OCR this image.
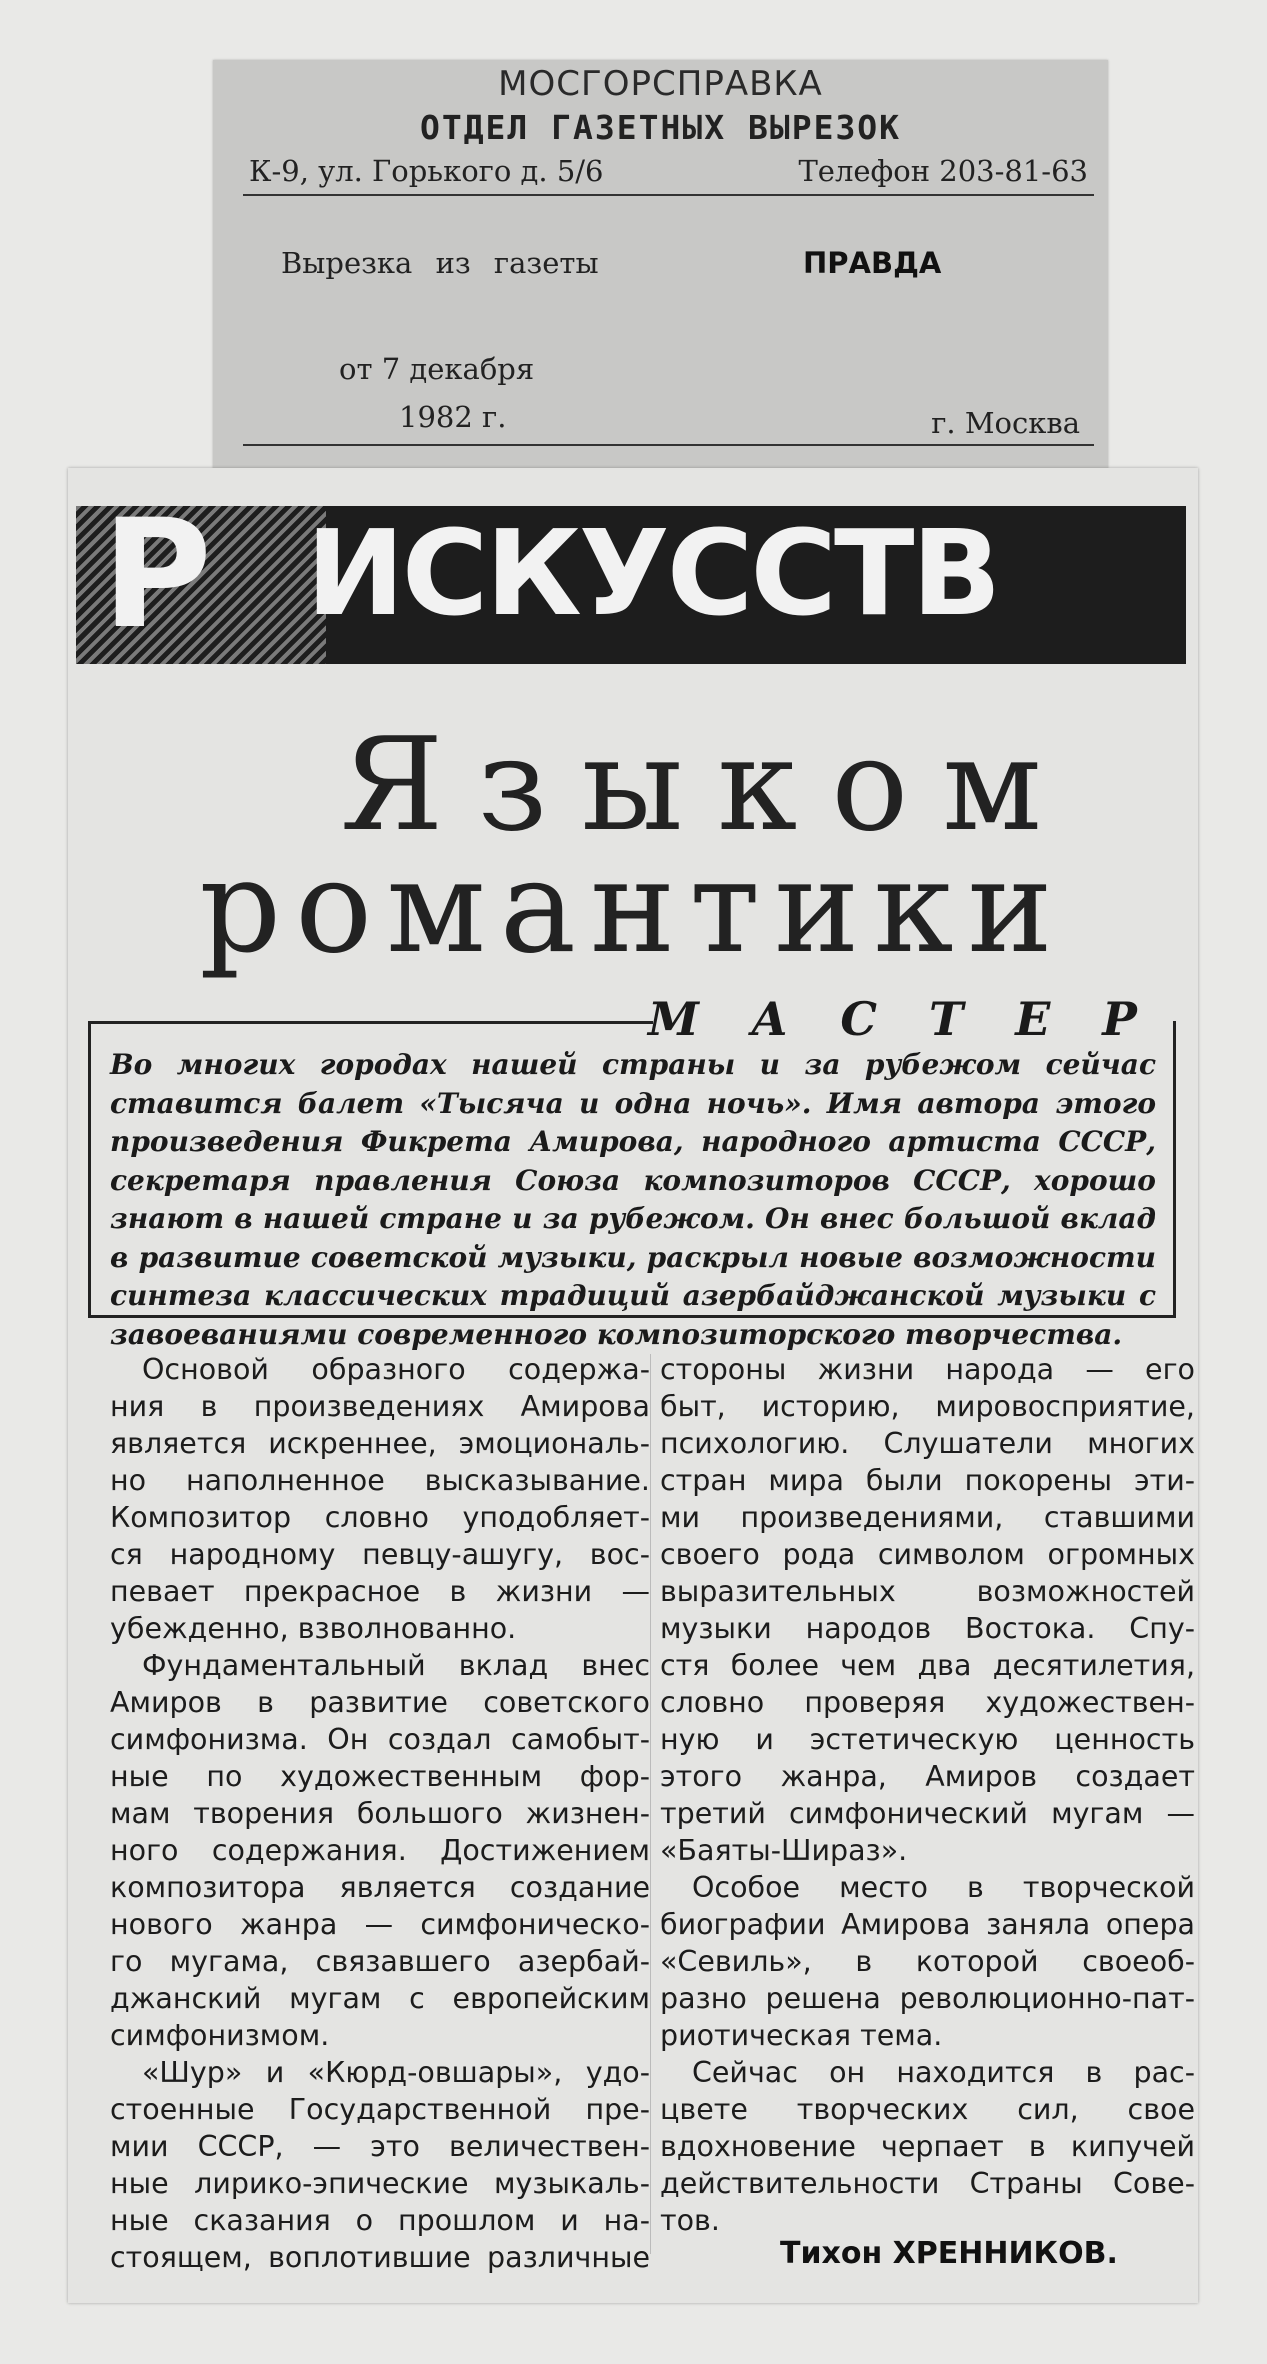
МОСГОРСПРАВКА
ОТДЕЛ ГАЗЕТНЫХ ВЫРЕЗОК
К-9, ул. Горького д. 5/6	Телефон 203-81-63
Вырезка из газеты	ПРАВДА
от 7 декабря
1982 г.	г. Москва
Р ИСКУССТВ
Языком
романтики
МАСТЕР
Во многих городах нашей страны и за рубежом сейчас
ставится балет «Тысяча и одна ночь». Имя автора этого
произведения Фикрета Амирова, народного артиста СССР,
секретаря правления Союза композиторов СССР, хорошо
знают в нашей стране и за рубежом. Он внес большой вклад
в развитие советской музыки, раскрыл новые возможности
синтеза классических традиций азербайджанской музыки с
завоеваниями современного композиторского творчества.
Основой образного содержа-
ния в произведениях Амирова
является искреннее, эмоциональ-
но наполненное высказывание.
Композитор словно уподобляет-
ся народному певцу-ашугу, вос-
певает прекрасное в жизни —
убежденно, взволнованно.
Фундаментальный вклад внес
Амиров в развитие советского
симфонизма. Он создал самобыт-
ные по художественным фор-
мам творения большого жизнен-
ного содержания. Достижением
композитора является создание
нового жанра — симфоническо-
го мугама, связавшего азербай-
джанский мугам с европейским
симфонизмом.
«Шур» и «Кюрд-овшары», удо-
стоенные Государственной пре-
мии СССР, — это величествен-
ные лирико-эпические музыкаль-
ные сказания о прошлом и на-
стоящем, воплотившие различные
стороны жизни народа — его
быт, историю, мировосприятие,
психологию. Слушатели многих
стран мира были покорены эти-
ми произведениями, ставшими
своего рода символом огромных
выразительных возможностей
музыки народов Востока. Спу-
стя более чем два десятилетия,
словно проверяя художествен-
ную и эстетическую ценность
этого жанра, Амиров создает
третий симфонический мугам —
«Баяты-Шираз».
Особое место в творческой
биографии Амирова заняла опера
«Севиль», в которой своеоб-
разно решена революционно-пат-
риотическая тема.
Сейчас он находится в рас-
цвете творческих сил, свое
вдохновение черпает в кипучей
действительности Страны Сове-
тов.
Тихон ХРЕННИКОВ.
